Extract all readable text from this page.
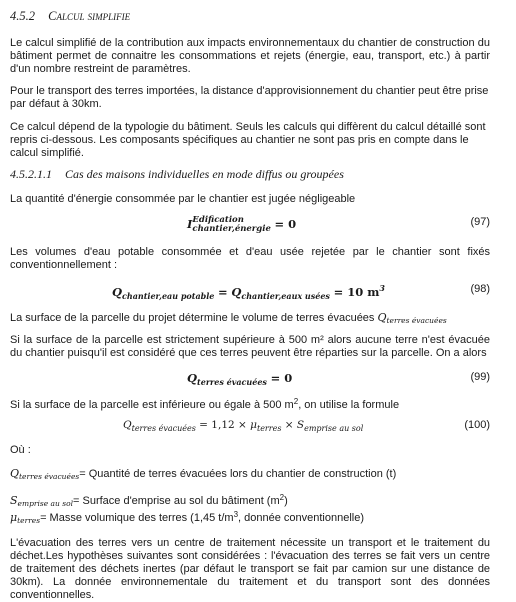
4.5.2 Calcul simplifie

Le calcul simplifié de la contribution aux impacts environnementaux du chantier de construction du bâtiment permet de connaitre les consommations et rejets (énergie, eau, transport, etc.) à partir d'un nombre restreint de paramètres.

Pour le transport des terres importées, la distance d'approvisionnement du chantier peut être prise par défaut à 30km.

Ce calcul dépend de la typologie du bâtiment. Seuls les calculs qui diffèrent du calcul détaillé sont repris ci-dessous. Les composants spécifiques au chantier ne sont pas pris en compte dans le calcul simplifié.

4.5.2.1.1 Cas des maisons individuelles en mode diffus ou groupées

La quantité d'énergie consommée par le chantier est jugée négligeable

I Edification
chantier,énergie = 0	(97)

Les volumes d'eau potable consommée et d'eau usée rejetée par le chantier sont fixés conventionnellement :

$Q_{chantier,eau potable} = Q_{chantier,eaux usées} = 10$ $m^3$	(98)

La surface de la parcelle du projet détermine le volume de terres évacuées Qterres évacuées

Si la surface de la parcelle est strictement supérieure à 500 m² alors aucune terre n'est évacuée du chantier puisqu'il est considéré que ces terres peuvent être réparties sur la parcelle. On a alors

$Q_{terres évacuées} = 0$	(99)

Si la surface de la parcelle est inférieure ou égale à 500 $m^2$, on utilise la formule

$Q_{terres évacuées} = 1,12 \times \mu_{terres} \times S_{emprise au sol}$	(100)

Où :

Qterres évacuées= Quantité de terres évacuées lors du chantier de construction (t)

Semprise au sol= Surface d'emprise au sol du bâtiment $(m^2)$

μterres= Masse volumique des terres (1,45 $t/m^3$, donnée conventionnelle)

L'évacuation des terres vers un centre de traitement nécessite un transport et le traitement du déchet.Les hypothèses suivantes sont considérées : l'évacuation des terres se fait vers un centre de traitement des déchets inertes (par défaut le transport se fait par camion sur une distance de 30km). La donnée environnementale du traitement et du transport sont des données conventionnelles.
